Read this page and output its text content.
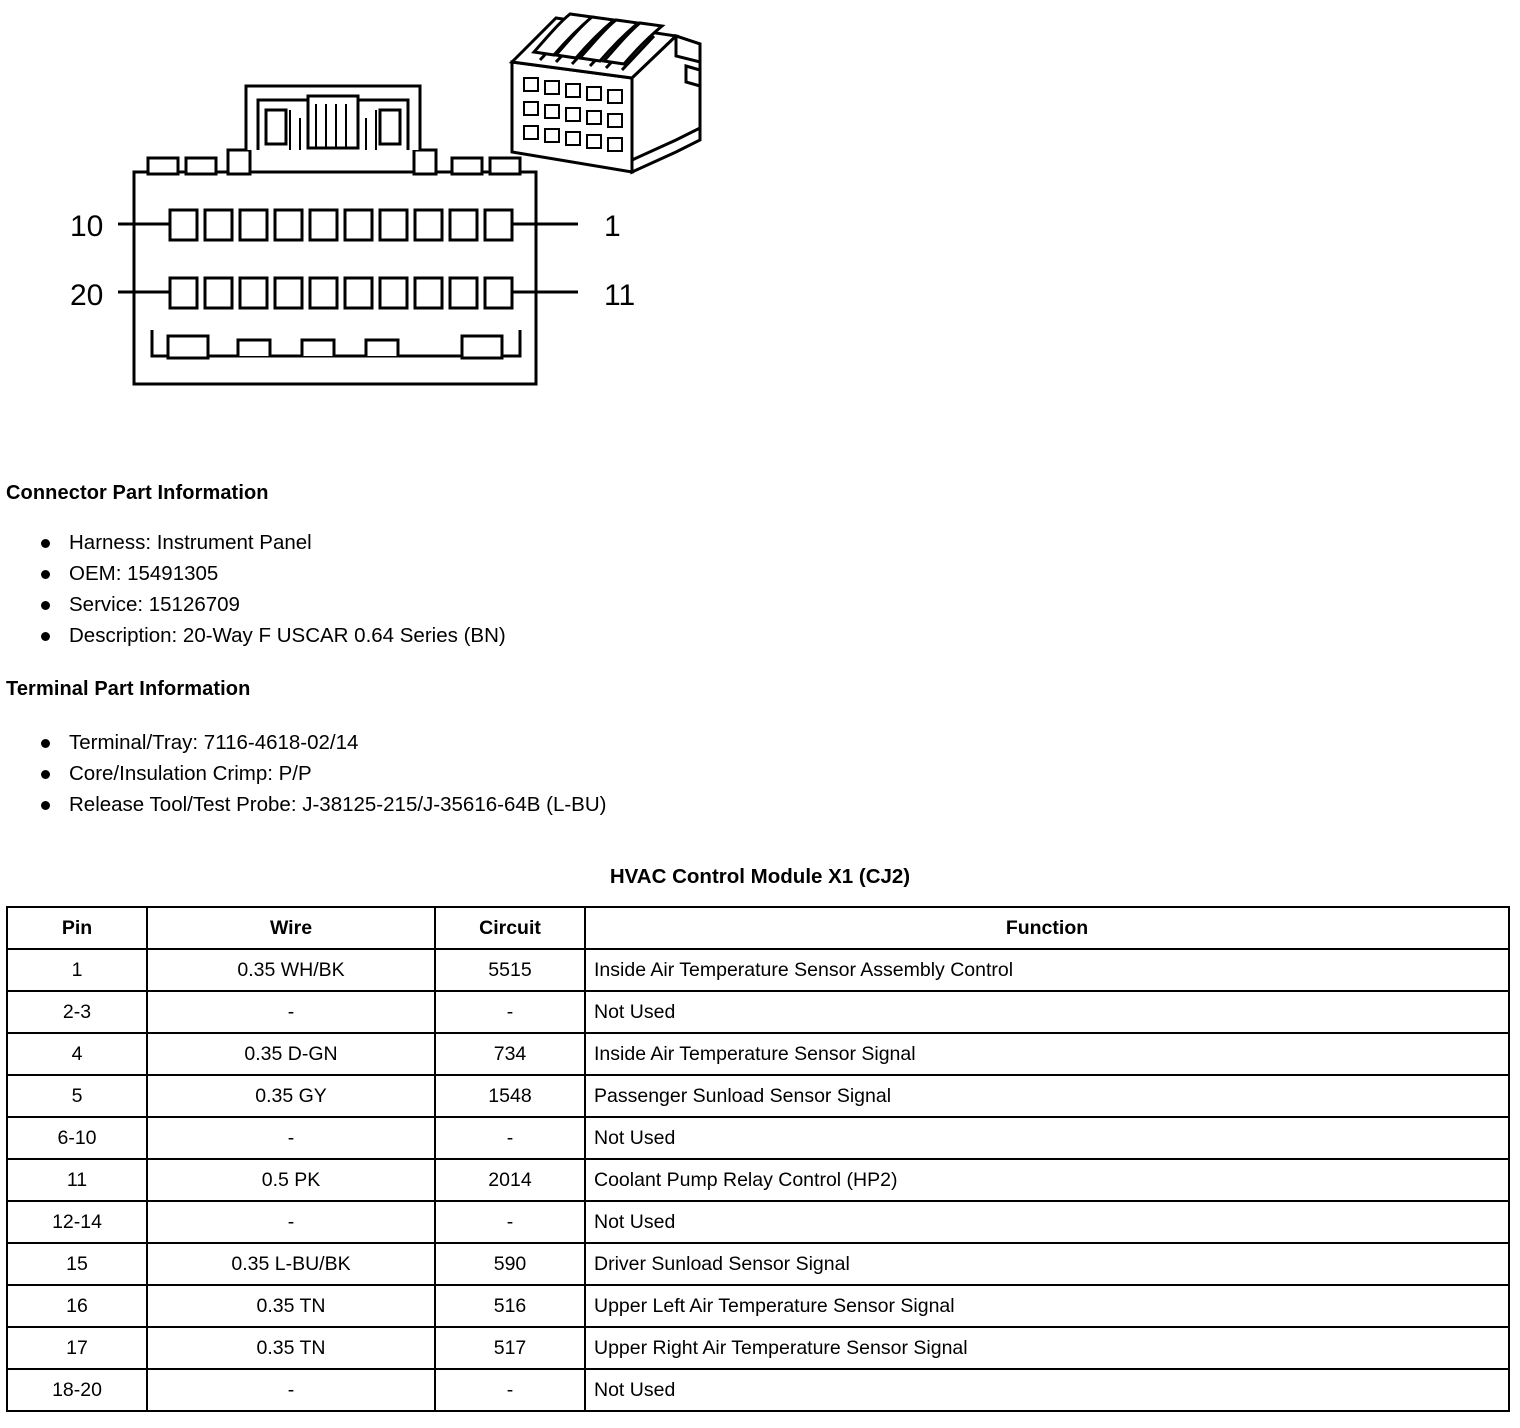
10	1
20	11
Connector Part Information
Harness: Instrument Panel
OEM: 15491305
Service: 15126709
Description: 20-Way F USCAR 0.64 Series (BN)
Terminal Part Information
Terminal/Tray: 7116-4618-02/14
Core/Insulation Crimp: P/P
Release Tool/Test Probe: J-38125-215/J-35616-64B (L-BU)
HVAC Control Module X1 (CJ2)
Pin	Wire	Circuit	Function
1	0.35 WH/BK	5515	Inside Air Temperature Sensor Assembly Control
2-3	-	-	Not Used
4	0.35 D-GN	734	Inside Air Temperature Sensor Signal
5	0.35 GY	1548	Passenger Sunload Sensor Signal
6-10	-	-	Not Used
11	0.5 PK	2014	Coolant Pump Relay Control (HP2)
12-14	-	-	Not Used
15	0.35 L-BU/BK	590	Driver Sunload Sensor Signal
16	0.35 TN	516	Upper Left Air Temperature Sensor Signal
17	0.35 TN	517	Upper Right Air Temperature Sensor Signal
18-20	-	-	Not Used
